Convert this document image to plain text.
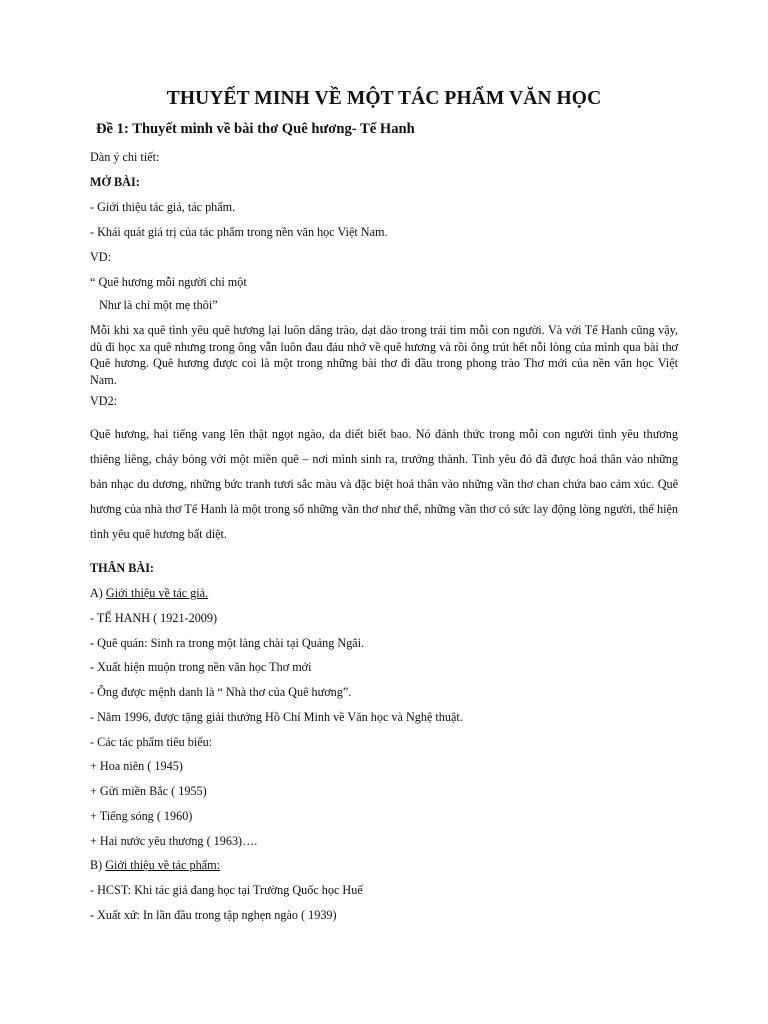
THUYẾT MINH VỀ MỘT TÁC PHẨM VĂN HỌC
Đề 1: Thuyết minh về bài thơ Quê hương- Tế Hanh
Dàn ý chi tiết:
MỞ BÀI:
- Giới thiệu tác giả, tác phẩm.
- Khái quát giá trị của tác phẩm trong nền văn học Việt Nam.
VD:
“ Quê hương mỗi người chỉ một
Như là chỉ một mẹ thôi”

Mỗi khi xa quê tình yêu quê hương lại luôn dâng trào, dạt dào trong trái tim mỗi con người. Và với Tế Hanh cũng vậy, dù đi học xa quê nhưng trong ông vẫn luôn đau đáu nhớ về quê hương và rồi ông trút hết nỗi lòng của mình qua bài thơ Quê hương. Quê hương được coi là một trong những bài thơ đi đầu trong phong trào Thơ mới của nền văn học Việt Nam.

VD2:

Quê hương, hai tiếng vang lên thật ngọt ngào, da diết biết bao. Nó đánh thức trong mỗi con người tình yêu thương thiêng liêng, chảy bỏng với một miền quê – nơi mình sinh ra, trưởng thành. Tình yêu đó đã được hoá thân vào những bản nhạc du dương, những bức tranh tươi sắc màu và đặc biệt hoá thân vào những vần thơ chan chứa bao cảm xúc. Quê hương của nhà thơ Tế Hanh là một trong số những vần thơ như thế, những vần thơ có sức lay động lòng người, thể hiện tình yêu quê hương bất diệt.

THÂN BÀI:
A) Giới thiệu về tác giả.
- TẾ HANH ( 1921-2009)
- Quê quán: Sinh ra trong một làng chài tại Quảng Ngãi.
- Xuất hiện muộn trong nền văn học Thơ mới
- Ông được mệnh danh là “ Nhà thơ của Quê hương”.
- Năm 1996, được tặng giải thưởng Hồ Chí Minh về Văn học và Nghệ thuật.
- Các tác phẩm tiêu biểu:
+ Hoa niên ( 1945)
+ Gửi miền Bắc ( 1955)
+ Tiếng sóng ( 1960)
+ Hai nước yêu thương ( 1963)….
B) Giới thiệu về tác phẩm:
- HCST: Khi tác giả đang học tại Trường Quốc học Huế
- Xuất xứ: In lần đầu trong tập nghẹn ngào ( 1939)
